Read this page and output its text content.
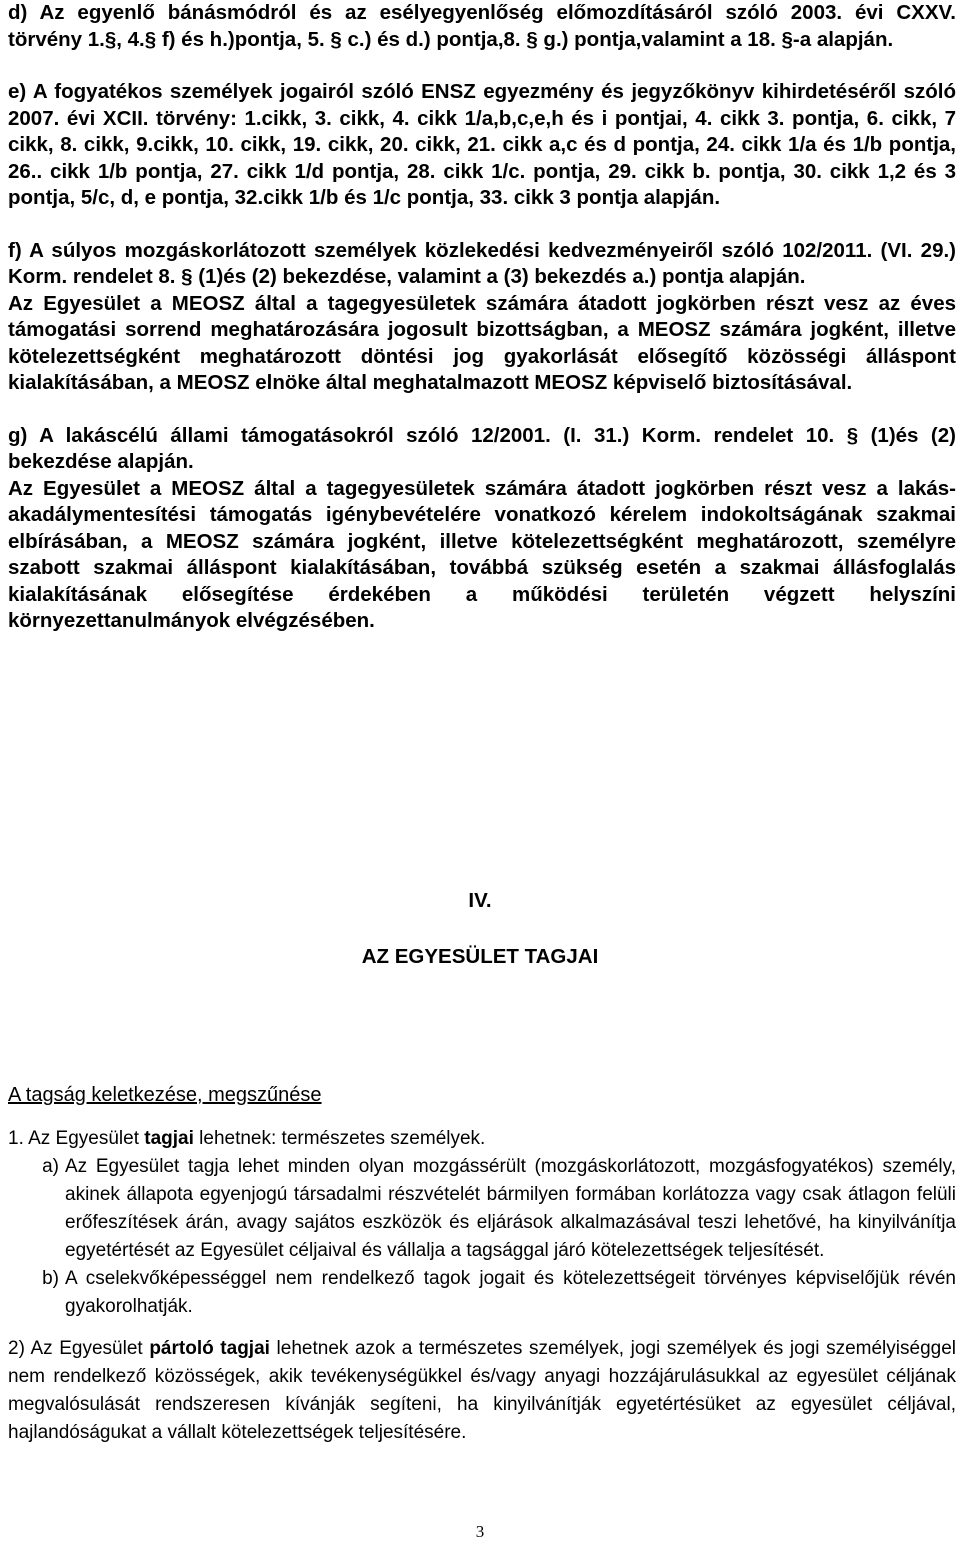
d) Az egyenlő bánásmódról és az esélyegyenlőség előmozdításáról szóló 2003. évi CXXV. törvény 1.§, 4.§ f) és h.)pontja, 5. § c.) és d.) pontja,8. § g.) pontja,valamint a 18. §-a alapján.

e) A fogyatékos személyek jogairól szóló ENSZ egyezmény és jegyzőkönyv kihirdetéséről szóló 2007. évi XCII. törvény: 1.cikk, 3. cikk, 4. cikk 1/a,b,c,e,h és i pontjai, 4. cikk 3. pontja, 6. cikk, 7 cikk, 8. cikk, 9.cikk, 10. cikk, 19. cikk, 20. cikk, 21. cikk a,c és d pontja, 24. cikk 1/a és 1/b pontja, 26.. cikk 1/b pontja, 27. cikk 1/d pontja, 28. cikk 1/c. pontja, 29. cikk b. pontja, 30. cikk 1,2 és 3 pontja, 5/c, d, e pontja, 32.cikk 1/b és 1/c pontja, 33. cikk 3 pontja alapján.

f) A súlyos mozgáskorlátozott személyek közlekedési kedvezményeiről szóló 102/2011. (VI. 29.) Korm. rendelet 8. § (1)és (2) bekezdése, valamint a (3) bekezdés a.) pontja alapján.

Az Egyesület a MEOSZ által a tagegyesületek számára átadott jogkörben részt vesz az éves támogatási sorrend meghatározására jogosult bizottságban, a MEOSZ számára jogként, illetve kötelezettségként meghatározott döntési jog gyakorlását elősegítő közösségi álláspont kialakításában, a MEOSZ elnöke által meghatalmazott MEOSZ képviselő biztosításával.

g) A lakáscélú állami támogatásokról szóló 12/2001. (I. 31.) Korm. rendelet 10. § (1)és (2) bekezdése alapján.

Az Egyesület a MEOSZ által a tagegyesületek számára átadott jogkörben részt vesz a lakás-akadálymentesítési támogatás igénybevételére vonatkozó kérelem indokoltságának szakmai elbírásában, a MEOSZ számára jogként, illetve kötelezettségként meghatározott, személyre szabott szakmai álláspont kialakításában, továbbá szükség esetén a szakmai állásfoglalás kialakításának elősegítése érdekében a működési területén végzett helyszíni környezettanulmányok elvégzésében.

IV.
AZ EGYESÜLET TAGJAI
A tagság keletkezése, megszűnése

1. Az Egyesület tagjai lehetnek: természetes személyek.

a) Az Egyesület tagja lehet minden olyan mozgássérült (mozgáskorlátozott, mozgásfogyatékos) személy, akinek állapota egyenjogú társadalmi részvételét bármilyen formában korlátozza vagy csak átlagon felüli erőfeszítések árán, avagy sajátos eszközök és eljárások alkalmazásával teszi lehetővé, ha kinyilvánítja egyetértését az Egyesület céljaival és vállalja a tagsággal járó kötelezettségek teljesítését.
b) A cselekvőképességgel nem rendelkező tagok jogait és kötelezettségeit törvényes képviselőjük révén gyakorolhatják.

2) Az Egyesület pártoló tagjai lehetnek azok a természetes személyek, jogi személyek és jogi személyiséggel nem rendelkező közösségek, akik tevékenységükkel és/vagy anyagi hozzájárulásukkal az egyesület céljának megvalósulását rendszeresen kívánják segíteni, ha kinyilvánítják egyetértésüket az egyesület céljával, hajlandóságukat a vállalt kötelezettségek teljesítésére.

3
